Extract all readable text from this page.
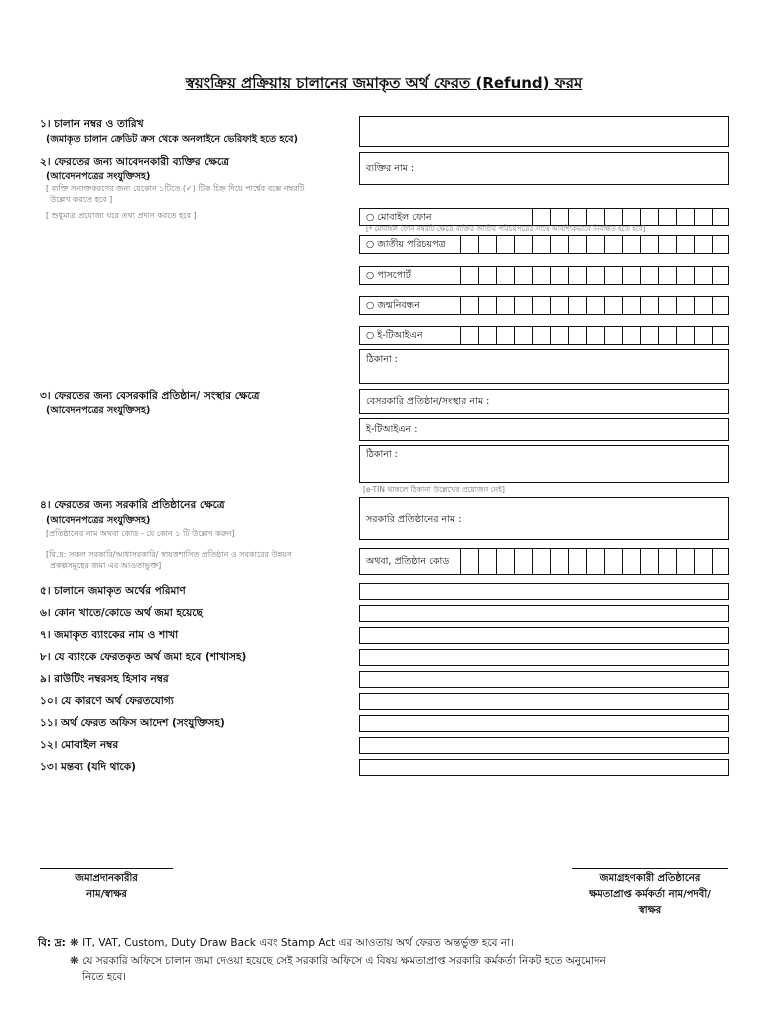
স্বয়ংক্রিয় প্রক্রিয়ায় চালানের জমাকৃত অর্থ ফেরত (Refund) ফরম
১। চালান নম্বর ও তারিখ
(জমাকৃত চালান ক্রেডিট ক্রস থেকে অনলাইনে ভেরিফাই হতে হবে)
২। ফেরতের জন্য আবেদনকারী ব্যক্তির ক্ষেত্রে
(আবেদনপত্রের সংযুক্তিসহ)
[ ব্যক্তি সনাক্তকরণের জন্য যেকোন ১টিতে (✓) টিক চিহ্ন দিয়ে পার্শ্বের বক্সে নম্বরটি
উল্লেখ করতে হবে ]
[ শুধুমাত্র প্রযোজ্য ঘরে তথ্য প্রদান করতে হবে ]
ব্যক্তির নাম :
○ মোবাইল ফোন
[* মোবাইল ফোন নম্বরটি ক্ষেত্রে ব্যক্তির জাতীয় পরিচয়পত্রের সাথে আবশ্যিকভাবে নিবন্ধিত হতে হবে]
○ জাতীয় পরিচয়পত্র
○ পাসপোর্ট
○ জন্মনিবন্ধন
○ ই-টিআইএন
ঠিকানা :
৩। ফেরতের জন্য বেসরকারি প্রতিষ্ঠান/ সংস্থার ক্ষেত্রে
(আবেদনপত্রের সংযুক্তিসহ)
বেসরকারি প্রতিষ্ঠান/সংস্থার নাম :
ই-টিআইএন :
ঠিকানা :
[e-TIN থাকলে ঠিকানা উল্লেখের প্রয়োজন নেই]
৪। ফেরতের জন্য সরকারি প্রতিষ্ঠানের ক্ষেত্রে
(আবেদনপত্রের সংযুক্তিসহ)
[প্রতিষ্ঠানের নাম অথবা কোড - যে কোন ১ টি উল্লেখ করুন]
[বি.দ্র: সকল সরকারি/আধাসরকারি/ স্বায়ত্তশাসিত প্রতিষ্ঠান ও সরকারের উন্নয়ন
প্রকল্পসমূহের জমা এর আওতাভুক্ত]
সরকারি প্রতিষ্ঠানের নাম :
অথবা, প্রতিষ্ঠান কোড
৫। চালানে জমাকৃত অর্থের পরিমাণ
৬। কোন খাতে/কোডে অর্থ জমা হয়েছে
৭। জমাকৃত ব্যাংকের নাম ও শাখা
৮। যে ব্যাংকে ফেরতকৃত অর্থ জমা হবে (শাখাসহ)
৯। রাউটিং নম্বরসহ হিসাব নম্বর
১০। যে কারণে অর্থ ফেরতযোগ্য
১১। অর্থ ফেরত অফিস আদেশ (সংযুক্তিসহ)
১২। মোবাইল নম্বর
১৩। মন্তব্য (যদি থাকে)
জমাপ্রদানকারীর
নাম/স্বাক্ষর
জমাগ্রহণকারী প্রতিষ্ঠানের
ক্ষমতাপ্রাপ্ত কর্মকর্তা নাম/পদবী/
স্বাক্ষর
বি: দ্র: ❋ IT, VAT, Custom, Duty Draw Back এবং Stamp Act এর আওতায় অর্থ ফেরত অন্তর্ভুক্ত হবে না।
❋ যে সরকারি অফিসে চালান জমা দেওয়া হয়েছে সেই সরকারি অফিসে এ বিষয় ক্ষমতাপ্রাপ্ত সরকারি কর্মকর্তা নিকট হতে অনুমোদন
নিতে হবে।
